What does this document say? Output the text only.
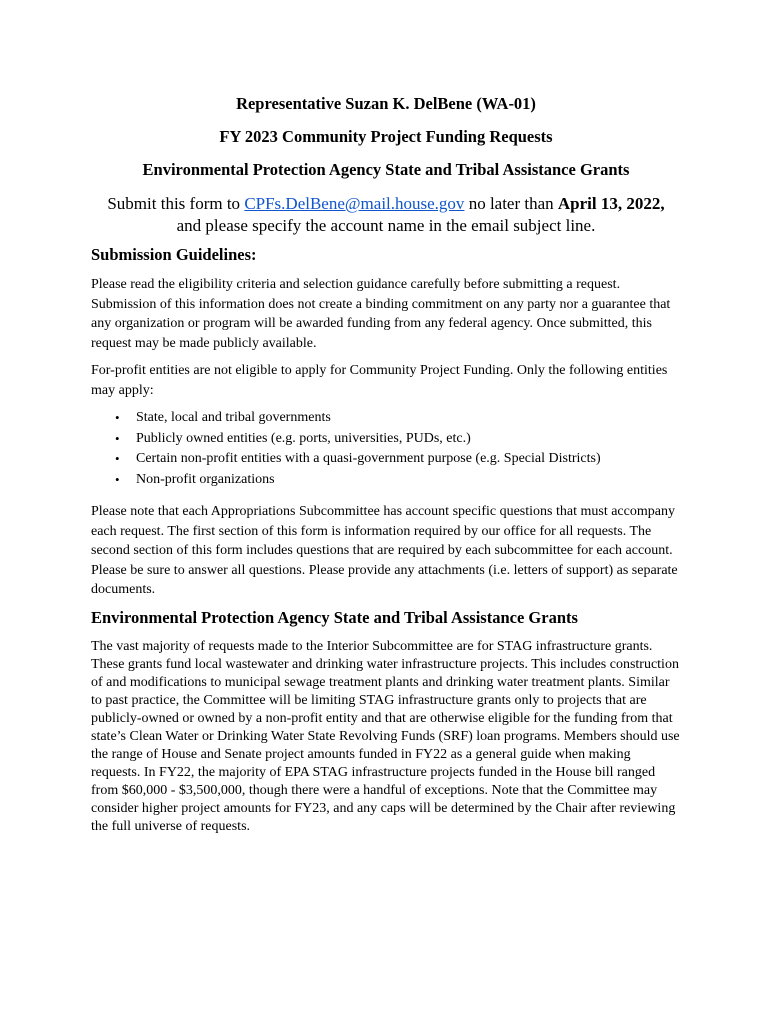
Representative Suzan K. DelBene (WA-01)
FY 2023 Community Project Funding Requests
Environmental Protection Agency State and Tribal Assistance Grants
Submit this form to CPFs.DelBene@mail.house.gov no later than April 13, 2022,
and please specify the account name in the email subject line.
Submission Guidelines:

Please read the eligibility criteria and selection guidance carefully before submitting a request. Submission of this information does not create a binding commitment on any party nor a guarantee that any organization or program will be awarded funding from any federal agency. Once submitted, this request may be made publicly available.

For-profit entities are not eligible to apply for Community Project Funding. Only the following entities may apply:

• State, local and tribal governments
• Publicly owned entities (e.g. ports, universities, PUDs, etc.)
• Certain non-profit entities with a quasi-government purpose (e.g. Special Districts)
• Non-profit organizations

Please note that each Appropriations Subcommittee has account specific questions that must accompany each request. The first section of this form is information required by our office for all requests. The second section of this form includes questions that are required by each subcommittee for each account. Please be sure to answer all questions. Please provide any attachments (i.e. letters of support) as separate documents.

Environmental Protection Agency State and Tribal Assistance Grants

The vast majority of requests made to the Interior Subcommittee are for STAG infrastructure grants. These grants fund local wastewater and drinking water infrastructure projects. This includes construction of and modifications to municipal sewage treatment plants and drinking water treatment plants. Similar to past practice, the Committee will be limiting STAG infrastructure grants only to projects that are publicly-owned or owned by a non-profit entity and that are otherwise eligible for the funding from that state’s Clean Water or Drinking Water State Revolving Funds (SRF) loan programs. Members should use the range of House and Senate project amounts funded in FY22 as a general guide when making requests. In FY22, the majority of EPA STAG infrastructure projects funded in the House bill ranged from $60,000 - $3,500,000, though there were a handful of exceptions. Note that the Committee may consider higher project amounts for FY23, and any caps will be determined by the Chair after reviewing the full universe of requests.
